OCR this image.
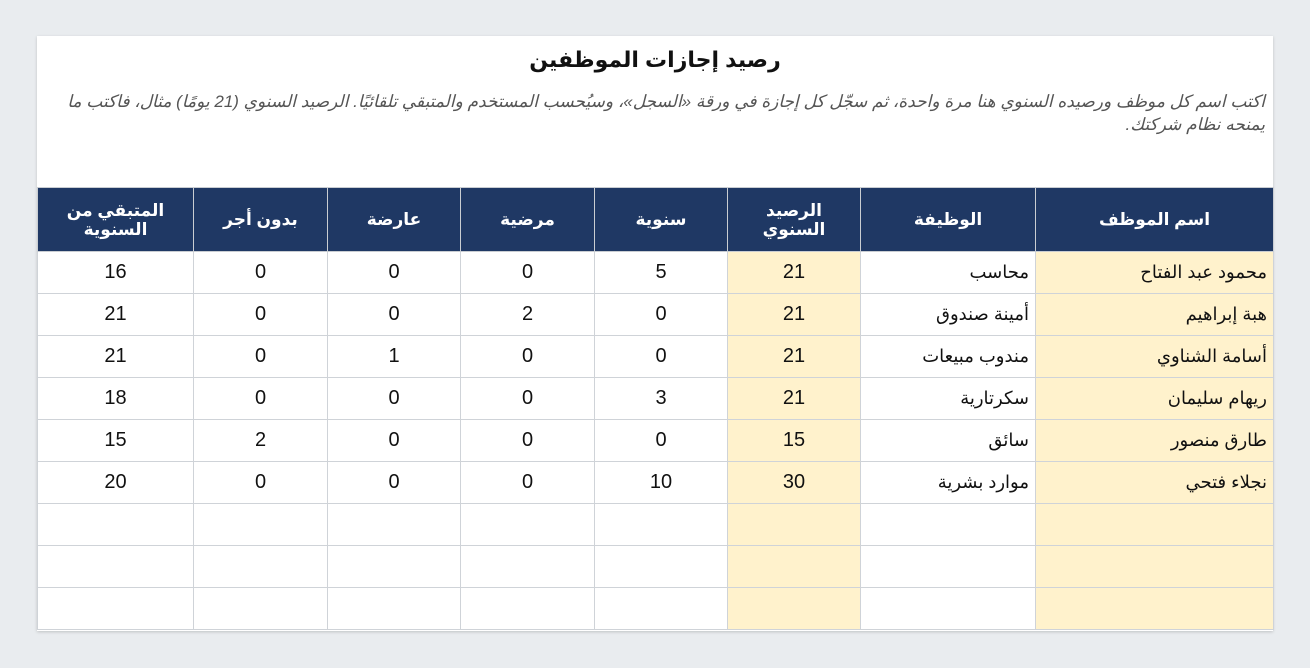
رصيد إجازات الموظفين
اكتب اسم كل موظف ورصيده السنوي هنا مرة واحدة، ثم سجّل كل إجازة في ورقة «السجل»، وسيُحسب المستخدم والمتبقي تلقائيًا. الرصيد السنوي (21 يومًا) مثال، فاكتب ما يمنحه نظام شركتك.
اسم الموظف	الوظيفة	الرصيد السنوي	سنوية	مرضية	عارضة	بدون أجر	المتبقي من السنوية
محمود عبد الفتاح	محاسب	21	5	0	0	0	16
هبة إبراهيم	أمينة صندوق	21	0	2	0	0	21
أسامة الشناوي	مندوب مبيعات	21	0	0	1	0	21
ريهام سليمان	سكرتارية	21	3	0	0	0	18
طارق منصور	سائق	15	0	0	0	2	15
نجلاء فتحي	موارد بشرية	30	10	0	0	0	20
